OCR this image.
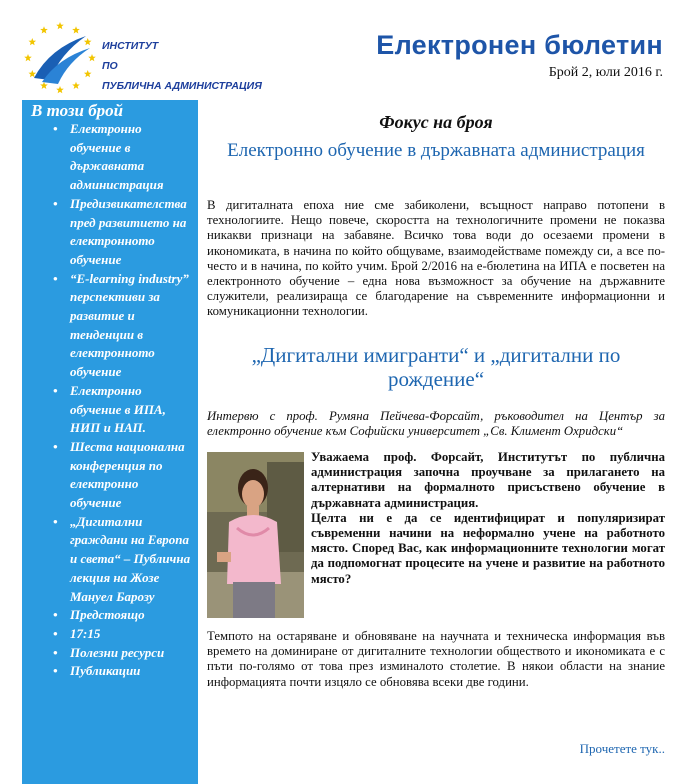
ИНСТИТУТ
ПО
ПУБЛИЧНА АДМИНИСТРАЦИЯ
Електронен бюлетин
Брой 2, юли 2016 г.
В този брой
• Електронно обучение в държавната администрация
• Предизвикателства пред развитието на електронното обучение
• “E-learning industry” перспективи за развитие и тенденции в електронното обучение
• Електронно обучение в ИПА, НИП и НАП.
• Шеста национална конференция по електронно обучение
• „Дигитални граждани на Европа и света“ – Публична лекция на Жозе Мануел Барозу
• Предстоящо
• 17:15
• Полезни ресурси
• Публикации
Фокус на броя
Електронно обучение в държавната администрация
В дигиталната епоха ние сме забиколени, всъщност направо потопени в технологиите. Нещо повече, скоростта на технологичните промени не показва никакви признаци на забавяне. Всичко това води до осезаеми промени в икономиката, в начина по който общуваме, взаимодействаме помежду си, а все по-често и в начина, по който учим. Брой 2/2016 на е-бюлетина на ИПА е посветен на електронното обучение – една нова възможност за обучение на държавните служители, реализираща се благодарение на съвременните информационни и комуникационни технологии.
„Дигитални имигранти“ и „дигитални по рождение“
Интервю с проф. Румяна Пейчева-Форсайт, ръководител на Център за електронно обучение към Софийски университет „Св. Климент Охридски“
Уважаема проф. Форсайт, Институтът по публична администрация започна проучване за прилагането на алтернативи на формалното присъствено обучение в държавната администрация.
Целта ни е да се идентифицират и популяризират съвременни начини на неформално учене на работното място. Според Вас, как информационните технологии могат да подпомогнат процесите на учене и развитие на работното място?
Темпото на остаряване и обновяване на научната и техническа информация във времето на доминиране от дигиталните технологии обществото и икономиката е с пъти по-голямо от това през изминалото столетие. В някои области на знание информацията почти изцяло се обновява всеки две години.
Прочетете тук..
